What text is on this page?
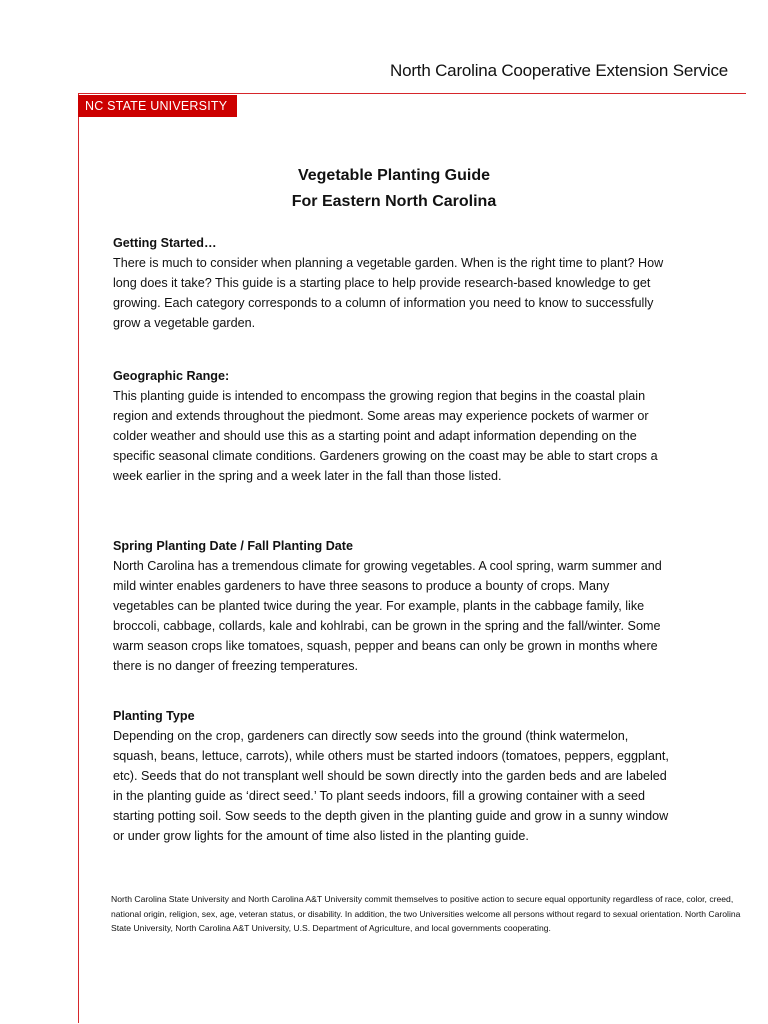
North Carolina Cooperative Extension Service
NC STATE UNIVERSITY
Vegetable Planting Guide
For Eastern North Carolina
Getting Started…

There is much to consider when planning a vegetable garden. When is the right time to plant? How long does it take? This guide is a starting place to help provide research-based knowledge to get growing. Each category corresponds to a column of information you need to know to successfully grow a vegetable garden.

Geographic Range:

This planting guide is intended to encompass the growing region that begins in the coastal plain region and extends throughout the piedmont. Some areas may experience pockets of warmer or colder weather and should use this as a starting point and adapt information depending on the specific seasonal climate conditions. Gardeners growing on the coast may be able to start crops a week earlier in the spring and a week later in the fall than those listed.

Spring Planting Date / Fall Planting Date

North Carolina has a tremendous climate for growing vegetables. A cool spring, warm summer and mild winter enables gardeners to have three seasons to produce a bounty of crops. Many vegetables can be planted twice during the year. For example, plants in the cabbage family, like broccoli, cabbage, collards, kale and kohlrabi, can be grown in the spring and the fall/winter. Some warm season crops like tomatoes, squash, pepper and beans can only be grown in months where there is no danger of freezing temperatures.

Planting Type

Depending on the crop, gardeners can directly sow seeds into the ground (think watermelon, squash, beans, lettuce, carrots), while others must be started indoors (tomatoes, peppers, eggplant, etc). Seeds that do not transplant well should be sown directly into the garden beds and are labeled in the planting guide as ‘direct seed.’ To plant seeds indoors, fill a growing container with a seed starting potting soil. Sow seeds to the depth given in the planting guide and grow in a sunny window or under grow lights for the amount of time also listed in the planting guide.

North Carolina State University and North Carolina A&T University commit themselves to positive action to secure equal opportunity regardless of race, color, creed, national origin, religion, sex, age, veteran status, or disability. In addition, the two Universities welcome all persons without regard to sexual orientation. North Carolina State University, North Carolina A&T University, U.S. Department of Agriculture, and local governments cooperating.
